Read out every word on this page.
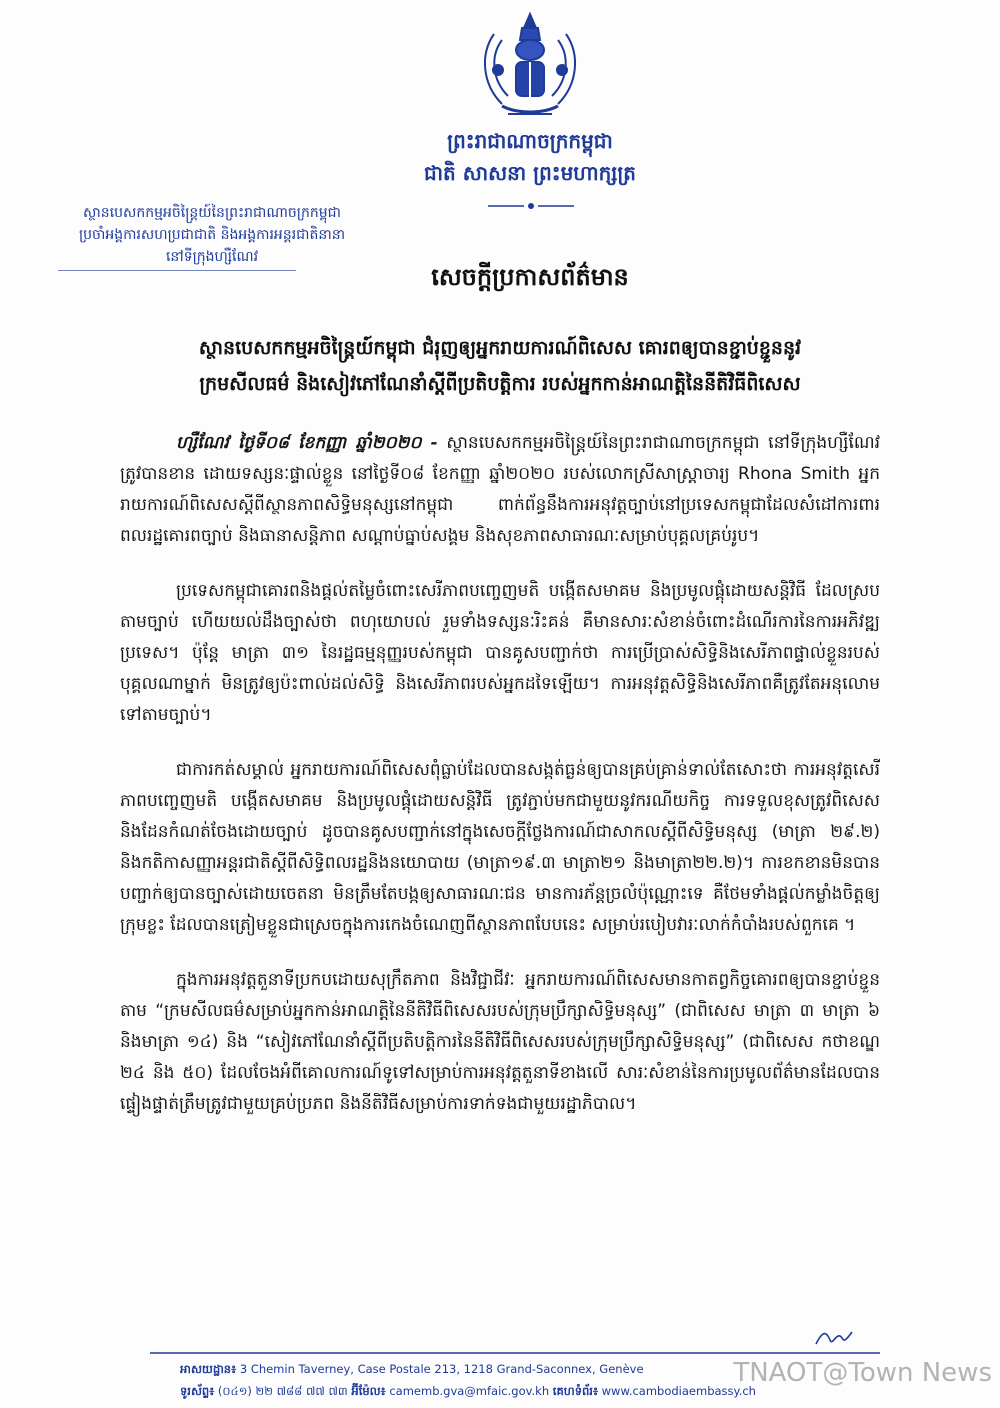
ព្រះរាជាណាចក្រកម្ពុជា
ជាតិ សាសនា ព្រះមហាក្សត្រ
ស្ថានបេសកកម្មអចិន្ត្រៃយ៍នៃព្រះរាជាណាចក្រកម្ពុជា
ប្រចាំអង្គការសហប្រជាជាតិ និងអង្គការអន្តរជាតិនានា
នៅទីក្រុងហ្សឺណែវ
សេចក្តីប្រកាសព័ត៌មាន
ស្ថានបេសកកម្មអចិន្ត្រៃយ៍កម្ពុជា ជំរុញឲ្យអ្នករាយការណ៍ពិសេស គោរពឲ្យបានខ្ជាប់ខ្ជួននូវ
ក្រមសីលធម៌ និងសៀវភៅណែនាំស្តីពីប្រតិបត្តិការ របស់អ្នកកាន់អាណត្តិនៃនីតិវិធីពិសេស

ហ្សឺណែវ ថ្ងៃទី០៨ ខែកញ្ញា ឆ្នាំ២០២០ - ស្ថានបេសកកម្មអចិន្ត្រៃយ៍នៃព្រះរាជាណាចក្រកម្ពុជា នៅទីក្រុងហ្សឺណែវ ត្រូវបានខាន ដោយទស្សនៈផ្ទាល់ខ្លួន នៅថ្ងៃទី០៨ ខែកញ្ញា ឆ្នាំ២០២០ របស់លោកស្រីសាស្ត្រាចារ្យ Rhona Smith អ្នករាយការណ៍ពិសេសស្តីពីស្ថានភាពសិទ្ធិមនុស្សនៅកម្ពុជា ពាក់ព័ន្ធនឹងការអនុវត្តច្បាប់នៅប្រទេសកម្ពុជាដែលសំដៅការពារពលរដ្ឋគោរពច្បាប់ និងធានាសន្តិភាព សណ្តាប់ធ្នាប់សង្គម និងសុខភាពសាធារណៈសម្រាប់បុគ្គលគ្រប់រូប។

ប្រទេសកម្ពុជាគោរពនិងផ្តល់តម្លៃចំពោះសេរីភាពបញ្ចេញមតិ បង្កើតសមាគម និងប្រមូលផ្តុំដោយសន្តិវិធី ដែលស្របតាមច្បាប់ ហើយយល់ដឹងច្បាស់ថា ពហុយោបល់ រួមទាំងទស្សនៈរិះគន់ គឺមានសារៈសំខាន់ចំពោះដំណើរការនៃការអភិវឌ្ឍប្រទេស។ ប៉ុន្តែ មាត្រា ៣១ នៃរដ្ឋធម្មនុញ្ញរបស់កម្ពុជា បានគូសបញ្ជាក់ថា ការប្រើប្រាស់សិទ្ធិនិងសេរីភាពផ្ទាល់ខ្លួនរបស់បុគ្គលណាម្នាក់ មិនត្រូវឲ្យប៉ះពាល់ដល់សិទ្ធិ និងសេរីភាពរបស់អ្នកដទៃឡើយ។ ការអនុវត្តសិទ្ធិនិងសេរីភាពគឺត្រូវតែអនុលោមទៅតាមច្បាប់។

ជាការកត់សម្គាល់ អ្នករាយការណ៍ពិសេសពុំធ្លាប់ដែលបានសង្កត់ធ្ងន់ឲ្យបានគ្រប់គ្រាន់ទាល់តែសោះថា ការអនុវត្តសេរីភាពបញ្ចេញមតិ បង្កើតសមាគម និងប្រមូលផ្តុំដោយសន្តិវិធី ត្រូវភ្ជាប់មកជាមួយនូវករណីយកិច្ច ការទទួលខុសត្រូវពិសេស និងដែនកំណត់ចែងដោយច្បាប់ ដូចបានគូសបញ្ជាក់នៅក្នុងសេចក្តីថ្លែងការណ៍ជាសាកលស្តីពីសិទ្ធិមនុស្ស (មាត្រា ២៩.២) និងកតិកាសញ្ញាអន្តរជាតិស្តីពីសិទ្ធិពលរដ្ឋនិងនយោបាយ (មាត្រា១៩.៣ មាត្រា២១ និងមាត្រា២២.២)។ ការខកខានមិនបានបញ្ជាក់ឲ្យបានច្បាស់ដោយចេតនា មិនត្រឹមតែបង្កឲ្យសាធារណៈជន មានការភ័ន្តច្រលំប៉ុណ្ណោះទេ គឺថែមទាំងផ្តល់កម្លាំងចិត្តឲ្យក្រុមខ្លះ ដែលបានត្រៀមខ្លួនជាស្រេចក្នុងការកេងចំណេញពីស្ថានភាពបែបនេះ សម្រាប់របៀបវារៈលាក់កំបាំងរបស់ពួកគេ ។

ក្នុងការអនុវត្តតួនាទីប្រកបដោយសុក្រឹតភាព និងវិជ្ជាជីវៈ អ្នករាយការណ៍ពិសេសមានកាតព្វកិច្ចគោរពឲ្យបានខ្ជាប់ខ្ជួនតាម “ក្រមសីលធម៌សម្រាប់អ្នកកាន់អាណត្តិនៃនីតិវិធីពិសេសរបស់ក្រុមប្រឹក្សាសិទ្ធិមនុស្ស” (ជាពិសេស មាត្រា ៣ មាត្រា ៦ និងមាត្រា ១៤) និង “សៀវភៅណែនាំស្តីពីប្រតិបត្តិការនៃនីតិវិធីពិសេសរបស់ក្រុមប្រឹក្សាសិទ្ធិមនុស្ស” (ជាពិសេស កថាខណ្ឌ ២៤ និង ៥០) ដែលចែងអំពីគោលការណ៍ទូទៅសម្រាប់ការអនុវត្តតួនាទីខាងលើ សារៈសំខាន់នៃការប្រមូលព័ត៌មានដែលបានផ្ទៀងផ្ទាត់ត្រឹមត្រូវជាមួយគ្រប់ប្រភព និងនីតិវិធីសម្រាប់ការទាក់ទងជាមួយរដ្ឋាភិបាល។

អាសយដ្ឋាន៖ 3 Chemin Taverney, Case Postale 213, 1218 Grand-Saconnex, Genève
ទូរស័ព្ទ៖ (០៤១) ២២ ៧៨៨ ៧៧ ៧៣ អ៊ីម៉ែល៖ camemb.gva@mfaic.gov.kh គេហទំព័រ៖ www.cambodiaembassy.ch
TNAOT@Town News
